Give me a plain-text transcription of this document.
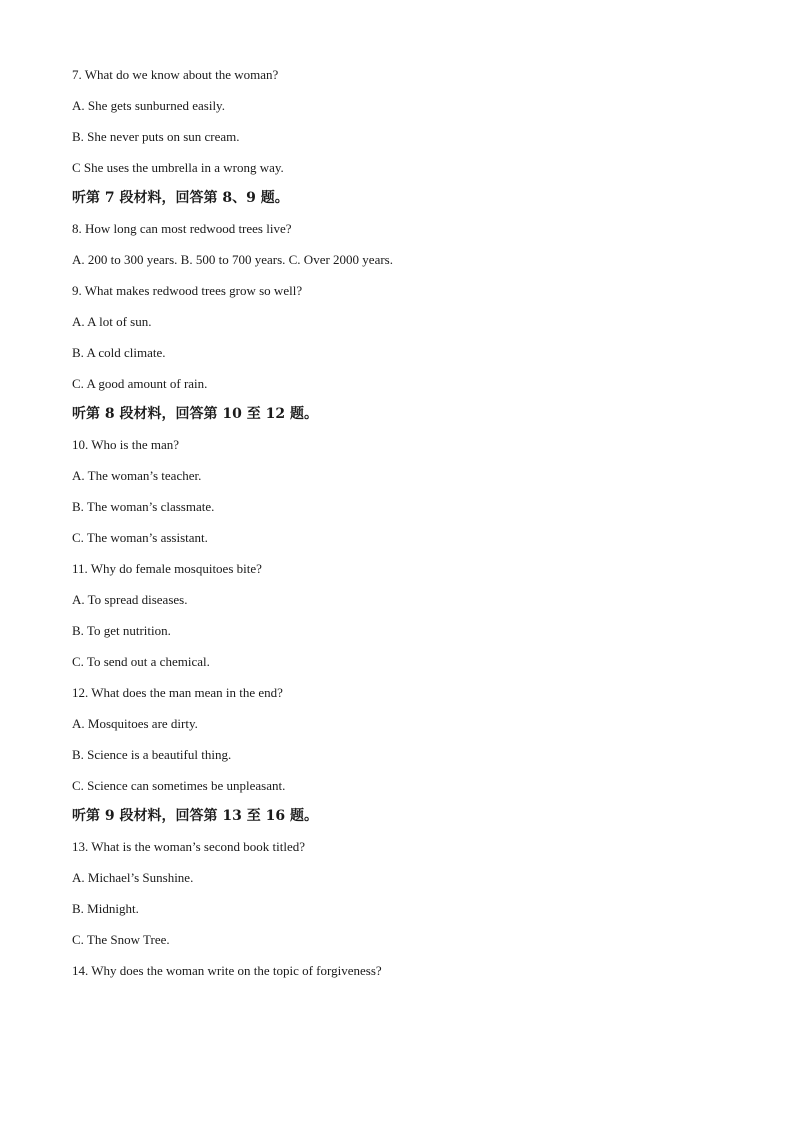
7. What do we know about the woman?
A. She gets sunburned easily.
B. She never puts on sun cream.
C She uses the umbrella in a wrong way.
听第 7 段材料，回答第 8、9 题。
8. How long can most redwood trees live?
A. 200 to 300 years. B. 500 to 700 years. C. Over 2000 years.
9. What makes redwood trees grow so well?
A. A lot of sun.
B. A cold climate.
C. A good amount of rain.
听第 8 段材料，回答第 10 至 12 题。
10. Who is the man?
A. The woman’s teacher.
B. The woman’s classmate.
C. The woman’s assistant.
11. Why do female mosquitoes bite?
A. To spread diseases.
B. To get nutrition.
C. To send out a chemical.
12. What does the man mean in the end?
A. Mosquitoes are dirty.
B. Science is a beautiful thing.
C. Science can sometimes be unpleasant.
听第 9 段材料，回答第 13 至 16 题。
13. What is the woman’s second book titled?
A. Michael’s Sunshine.
B. Midnight.
C. The Snow Tree.
14. Why does the woman write on the topic of forgiveness?
